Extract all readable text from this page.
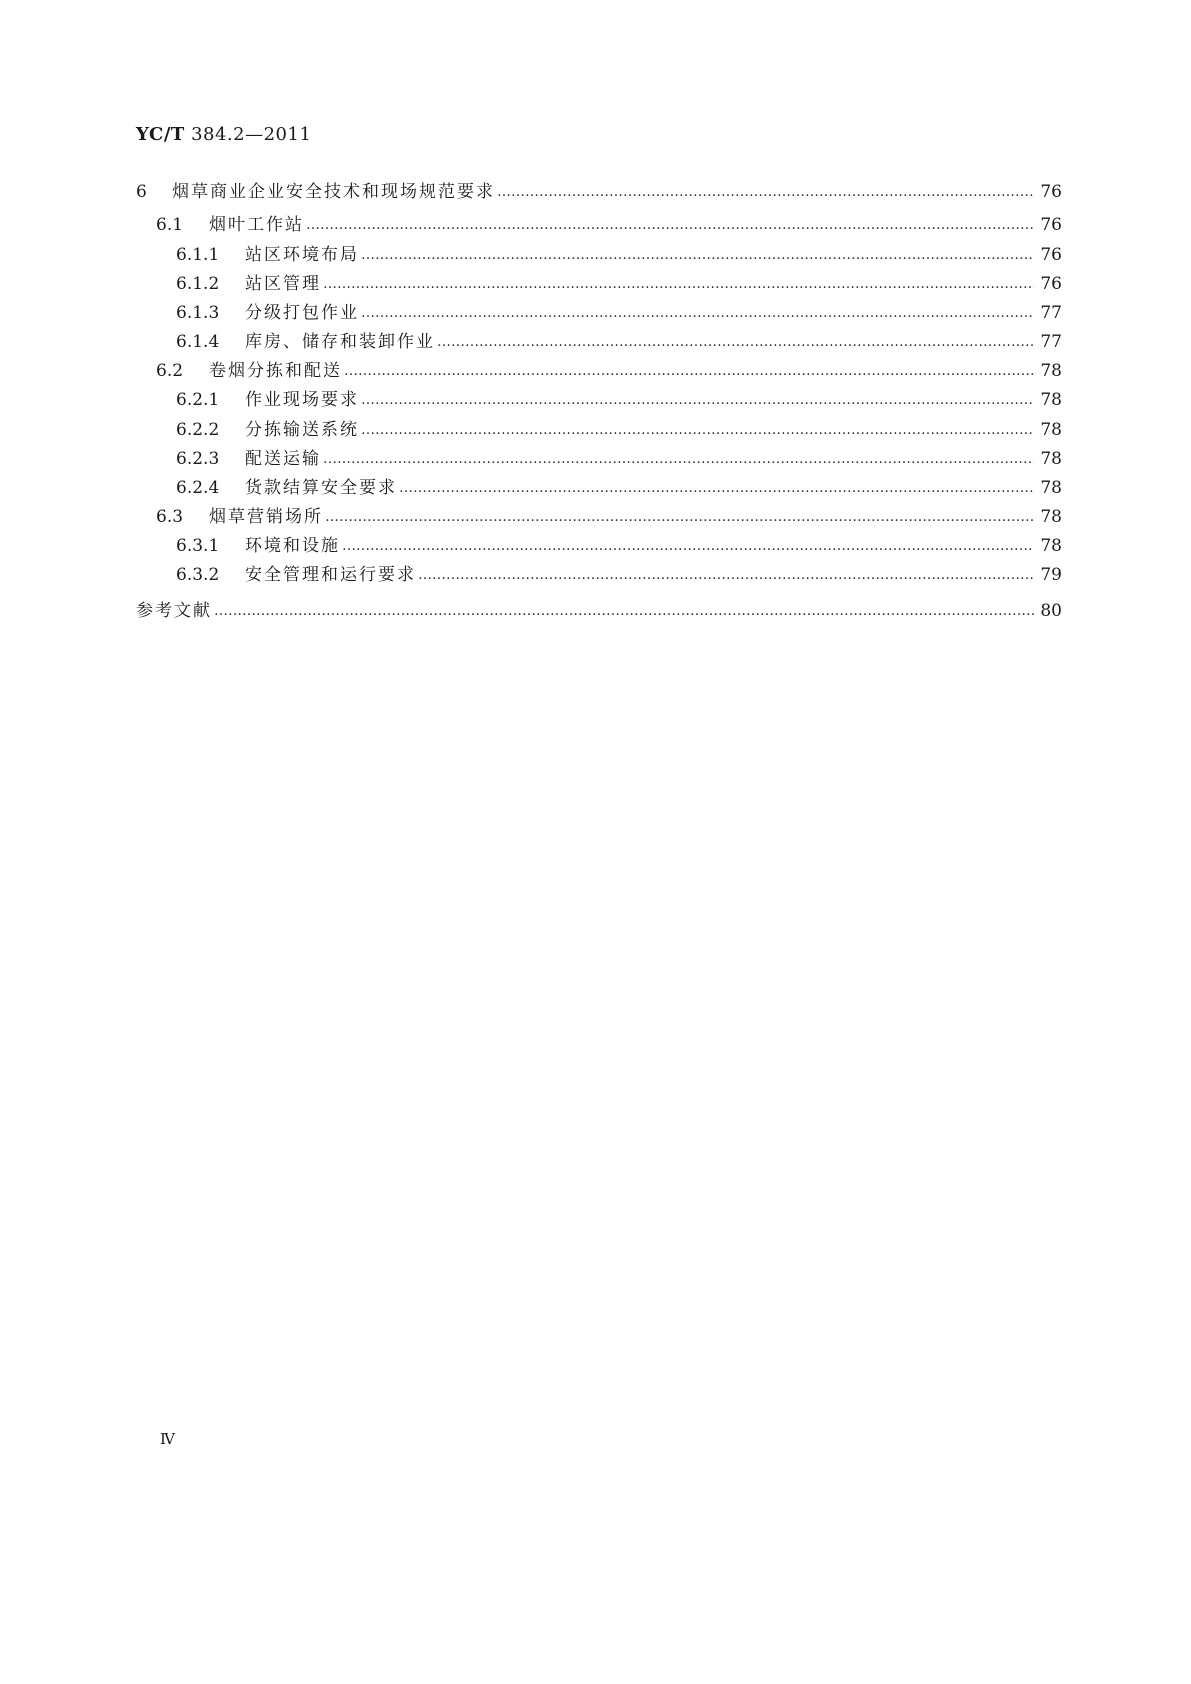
YC/T 384.2—2011
6	烟草商业企业安全技术和现场规范要求 …………………………………………………………………………………………………………………………………………………………………………………………………………………………………………………………	76
6.1	烟叶工作站 …………………………………………………………………………………………………………………………………………………………………………………………………………………………………………………………	76
6.1.1	站区环境布局 …………………………………………………………………………………………………………………………………………………………………………………………………………………………………………………………	76
6.1.2	站区管理 …………………………………………………………………………………………………………………………………………………………………………………………………………………………………………………………	76
6.1.3	分级打包作业 …………………………………………………………………………………………………………………………………………………………………………………………………………………………………………………………	77
6.1.4	库房、储存和装卸作业 …………………………………………………………………………………………………………………………………………………………………………………………………………………………………………………………	77
6.2	卷烟分拣和配送 …………………………………………………………………………………………………………………………………………………………………………………………………………………………………………………………	78
6.2.1	作业现场要求 …………………………………………………………………………………………………………………………………………………………………………………………………………………………………………………………	78
6.2.2	分拣输送系统 …………………………………………………………………………………………………………………………………………………………………………………………………………………………………………………………	78
6.2.3	配送运输 …………………………………………………………………………………………………………………………………………………………………………………………………………………………………………………………	78
6.2.4	货款结算安全要求 …………………………………………………………………………………………………………………………………………………………………………………………………………………………………………………………	78
6.3	烟草营销场所 …………………………………………………………………………………………………………………………………………………………………………………………………………………………………………………………	78
6.3.1	环境和设施 …………………………………………………………………………………………………………………………………………………………………………………………………………………………………………………………	78
6.3.2	安全管理和运行要求 …………………………………………………………………………………………………………………………………………………………………………………………………………………………………………………………	79
参考文献 …………………………………………………………………………………………………………………………………………………………………………………………………………………………………………………………	80
Ⅳ
